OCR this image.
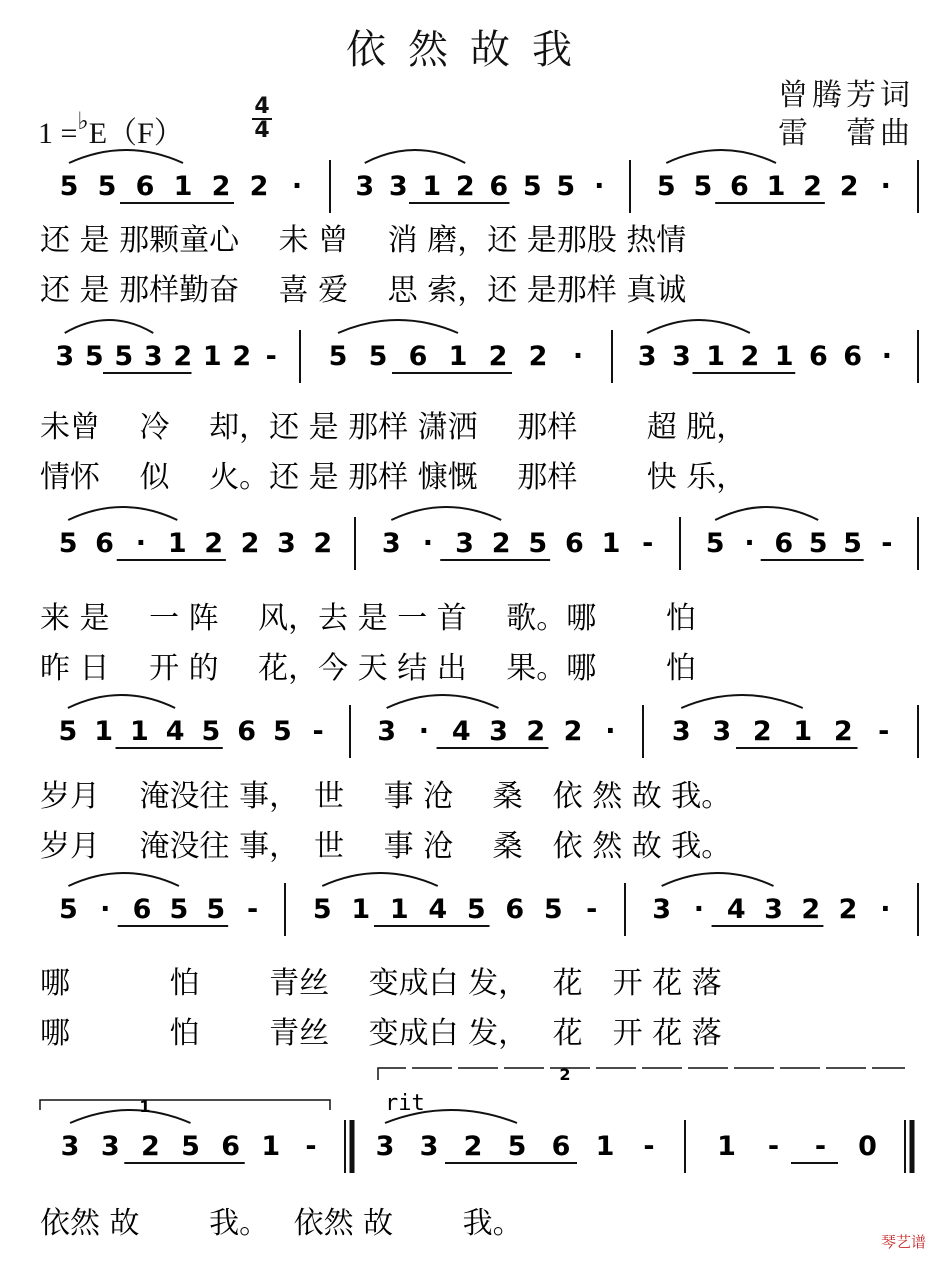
依然故我
曾腾芳词
雷　蕾曲
1 =♭E（F）
4
4
5 5 6 1 2 2 · 3 3 1 2 6 5 5 · 5 5 6 1 2 2 ·
还 是 那颗童心　 未 曾　 消 磨，还 是那股 热情
还 是 那样勤奋　 喜 爱　 思 索，还 是那样 真诚
3 5 5 3 2 1 2 - 5 5 6 1 2 2 · 3 3 1 2 1 6 6 ·
未曾　 冷　 却，还 是 那样 潇洒　 那样　　 超 脱，
情怀　 似　 火。还 是 那样 慷慨　 那样　　 快 乐，
5 6 · 1 2 2 3 2 3 · 3 2 5 6 1 - 5 · 6 5 5 -
来 是　 一 阵　 风，去 是 一 首　 歌。哪　　 怕
昨 日　 开 的　 花，今 天 结 出　 果。哪　　 怕
5 1 1 4 5 6 5 - 3 · 4 3 2 2 · 3 3 2 1 2 -
岁月　 淹没往 事，　世　 事 沧　 桑　依 然 故 我。
岁月　 淹没往 事，　世　 事 沧　 桑　依 然 故 我。
5 · 6 5 5 - 5 1 1 4 5 6 5 - 3 · 4 3 2 2 ·
哪　　　 怕　　 青丝　 变成白 发，　 花　开 花 落
哪　　　 怕　　 青丝　 变成白 发，　 花　开 花 落
3 3 2 5 6 1 - 3 3 2 5 6 1 - 1 - - 0
依然 故　　 我。　 依然 故　　 我。
1
2
rit
琴艺谱
